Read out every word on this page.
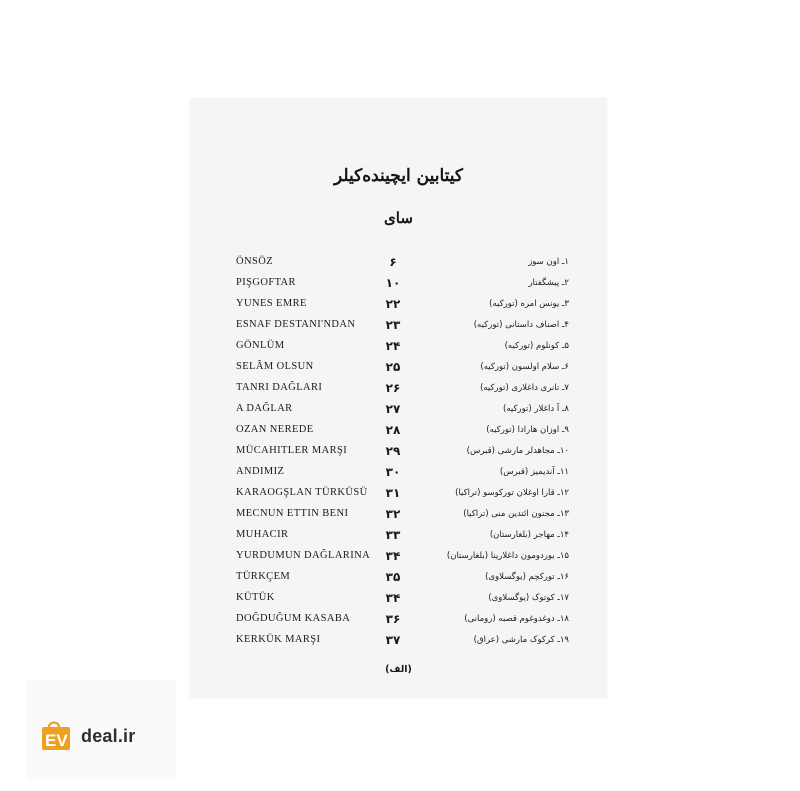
کیتابین ایچینده‌کیلر
سای
ÖNSÖZ	۶	۱ـ اون سوز
PIŞGOFTAR	۱۰	۲ـ پیشگفتار
YUNES EMRE	۲۲	۳ـ یونس امره (تورکیه)
ESNAF DESTANI'NDAN	۲۳	۴ـ اصناف داستانی (تورکیه)
GÖNLÜM	۲۴	۵ـ کونلوم (تورکیه)
SELÂM OLSUN	۲۵	۶ـ سلام اولسون (تورکیه)
TANRI DAĞLARI	۲۶	۷ـ تانری داغلاری (تورکیه)
A DAĞLAR	۲۷	۸ـ آ داغلار (تورکیه)
OZAN NEREDE	۲۸	۹ـ اوزان هارادا (تورکیه)
MÜCAHITLER MARŞI	۲۹	۱۰ـ مجاهدلر مارشی (قبرس)
ANDIMIZ	۳۰	۱۱ـ آندیمیز (قبرس)
KARAOGŞLAN TÜRKÜSÜ	۳۱	۱۲ـ قارا اوغلان تورکوسو (تراکیا)
MECNUN ETTIN BENI	۳۲	۱۳ـ مجنون ائتدین منی (تراکیا)
MUHACIR	۳۳	۱۴ـ مهاجر (بلغارستان)
YURDUMUN DAĞLARINA	۳۴	۱۵ـ یوردومون داغلارینا (بلغارستان)
TÜRKÇEM	۳۵	۱۶ـ تورکچم (یوگسلاوی)
KÜTÜK	۳۴	۱۷ـ کوتوک (یوگسلاوی)
DOĞDUĞUM KASABA	۳۶	۱۸ـ دوغدوغوم قصبه (رومانی)
KERKÜK MARŞI	۳۷	۱۹ـ کرکوک مارشی (عراق)
(الف)
EV deal.ir
